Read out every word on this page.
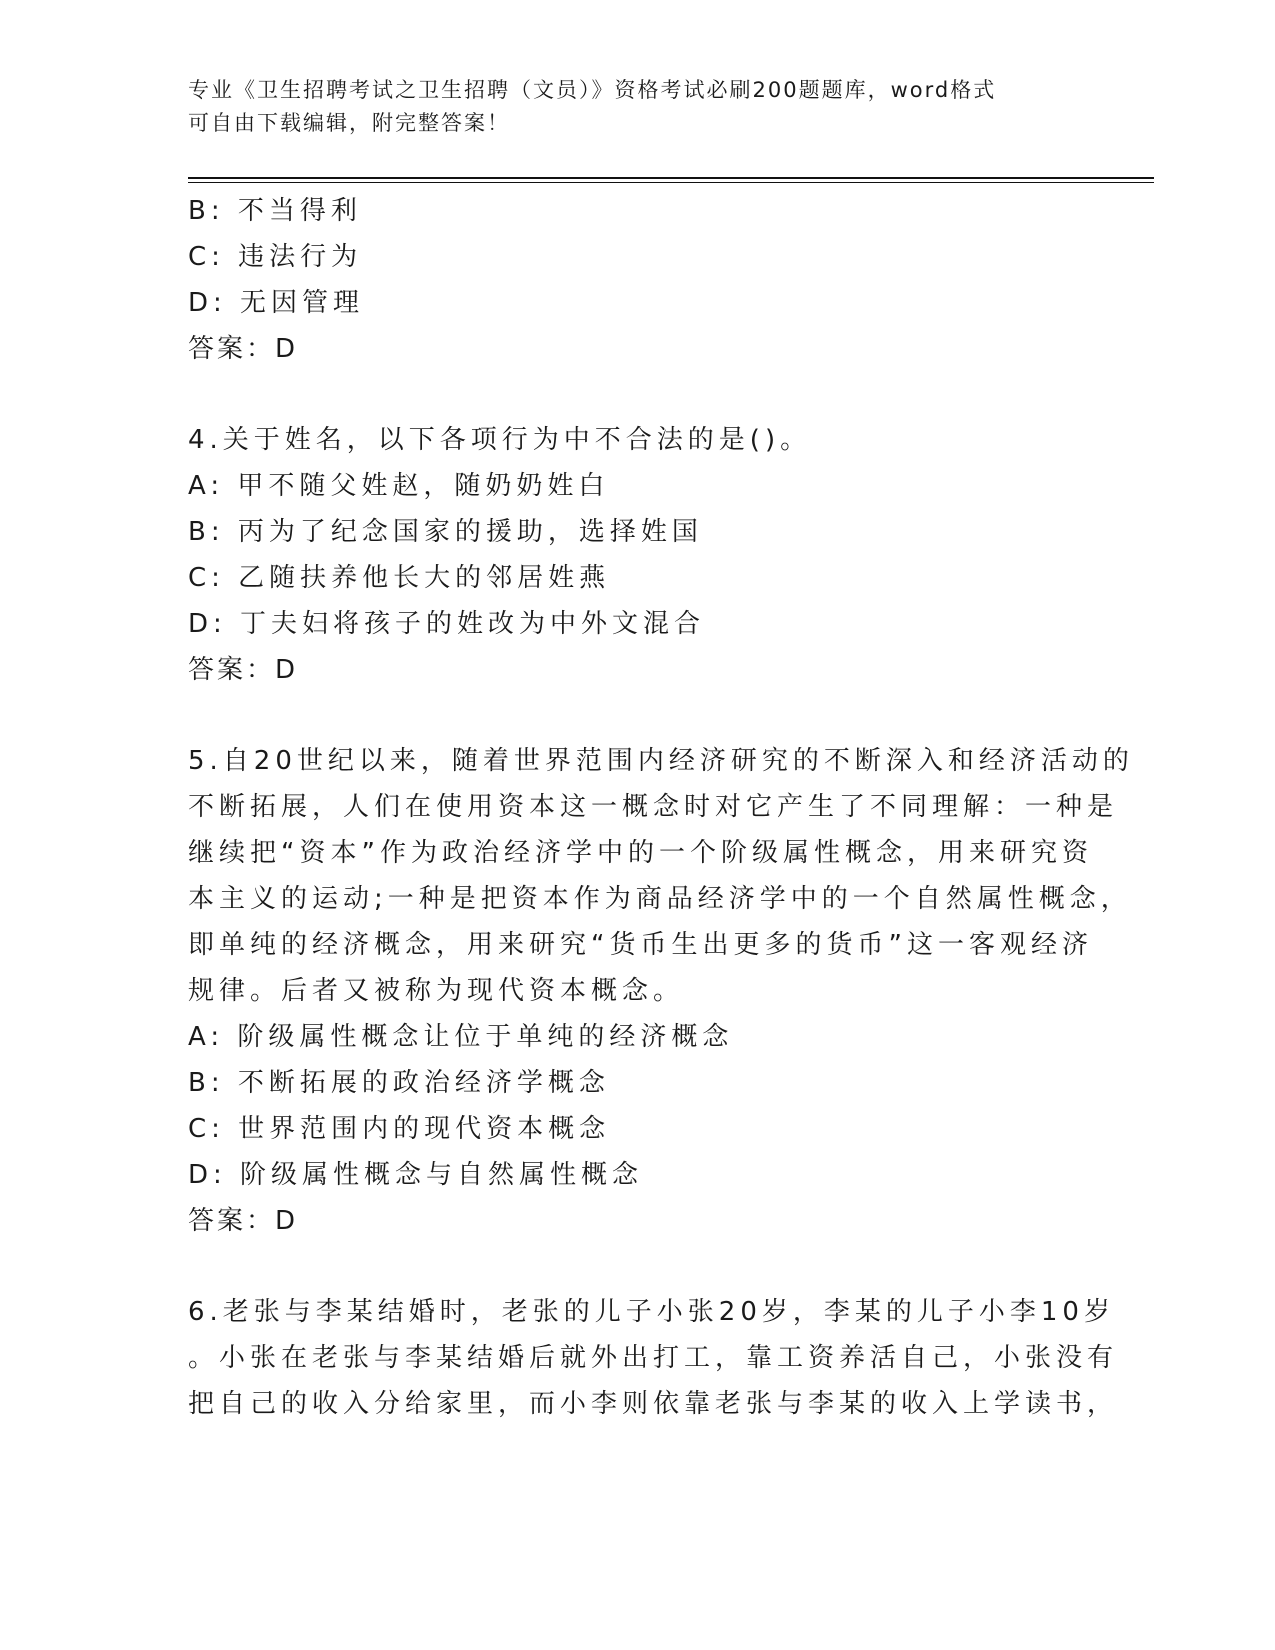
专业《卫生招聘考试之卫生招聘（文员）》资格考试必刷200题题库，word格式
可自由下载编辑，附完整答案！
B: 不当得利
C: 违法行为
D: 无因管理
答案：D
4.关于姓名，以下各项行为中不合法的是()。
A: 甲不随父姓赵，随奶奶姓白
B: 丙为了纪念国家的援助，选择姓国
C: 乙随扶养他长大的邻居姓燕
D: 丁夫妇将孩子的姓改为中外文混合
答案：D
5.自20世纪以来，随着世界范围内经济研究的不断深入和经济活动的
不断拓展，人们在使用资本这一概念时对它产生了不同理解：一种是
继续把“资本”作为政治经济学中的一个阶级属性概念，用来研究资
本主义的运动;一种是把资本作为商品经济学中的一个自然属性概念，
即单纯的经济概念，用来研究“货币生出更多的货币”这一客观经济
规律。后者又被称为现代资本概念。
A: 阶级属性概念让位于单纯的经济概念
B: 不断拓展的政治经济学概念
C: 世界范围内的现代资本概念
D: 阶级属性概念与自然属性概念
答案：D
6.老张与李某结婚时，老张的儿子小张20岁，李某的儿子小李10岁
。小张在老张与李某结婚后就外出打工，靠工资养活自己，小张没有
把自己的收入分给家里，而小李则依靠老张与李某的收入上学读书，
